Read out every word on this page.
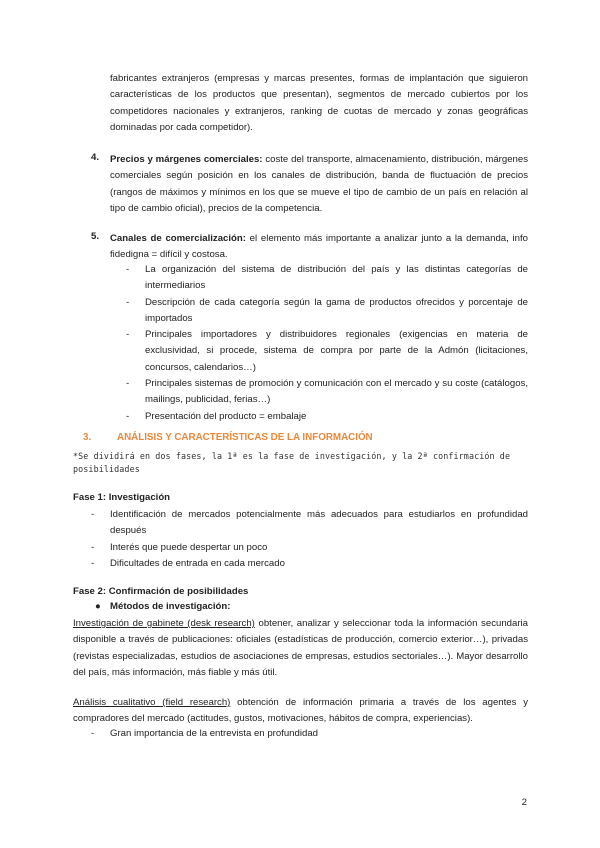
fabricantes extranjeros (empresas y marcas presentes, formas de implantación que siguieron características de los productos que presentan), segmentos de mercado cubiertos por los competidores nacionales y extranjeros, ranking de cuotas de mercado y zonas geográficas dominadas por cada competidor).

4. Precios y márgenes comerciales: coste del transporte, almacenamiento, distribución, márgenes comerciales según posición en los canales de distribución, banda de fluctuación de precios (rangos de máximos y mínimos en los que se mueve el tipo de cambio de un país en relación al tipo de cambio oficial), precios de la competencia.

5. Canales de comercialización: el elemento más importante a analizar junto a la demanda, info fidedigna = difícil y costosa.

- La organización del sistema de distribución del país y las distintas categorías de intermediarios
- Descripción de cada categoría según la gama de productos ofrecidos y porcentaje de importados
- Principales importadores y distribuidores regionales (exigencias en materia de exclusividad, si procede, sistema de compra por parte de la Admón (licitaciones, concursos, calendarios…)
- Principales sistemas de promoción y comunicación con el mercado y su coste (catálogos, mailings, publicidad, ferias…)
- Presentación del producto = embalaje
3.	ANÁLISIS Y CARACTERÍSTICAS DE LA INFORMACIÓN
*Se dividirá en dos fases, la 1ª es la fase de investigación, y la 2ª confirmación de posibilidades
Fase 1: Investigación
- Identificación de mercados potencialmente más adecuados para estudiarlos en profundidad después
- Interés que puede despertar un poco
- Dificultades de entrada en cada mercado
Fase 2: Confirmación de posibilidades
● Métodos de investigación:

Investigación de gabinete (desk research) obtener, analizar y seleccionar toda la información secundaria disponible a través de publicaciones: oficiales (estadísticas de producción, comercio exterior…), privadas (revistas especializadas, estudios de asociaciones de empresas, estudios sectoriales…). Mayor desarrollo del país, más información, más fiable y más útil.

Análisis cualitativo (field research) obtención de información primaria a través de los agentes y compradores del mercado (actitudes, gustos, motivaciones, hábitos de compra, experiencias).

- Gran importancia de la entrevista en profundidad
2
